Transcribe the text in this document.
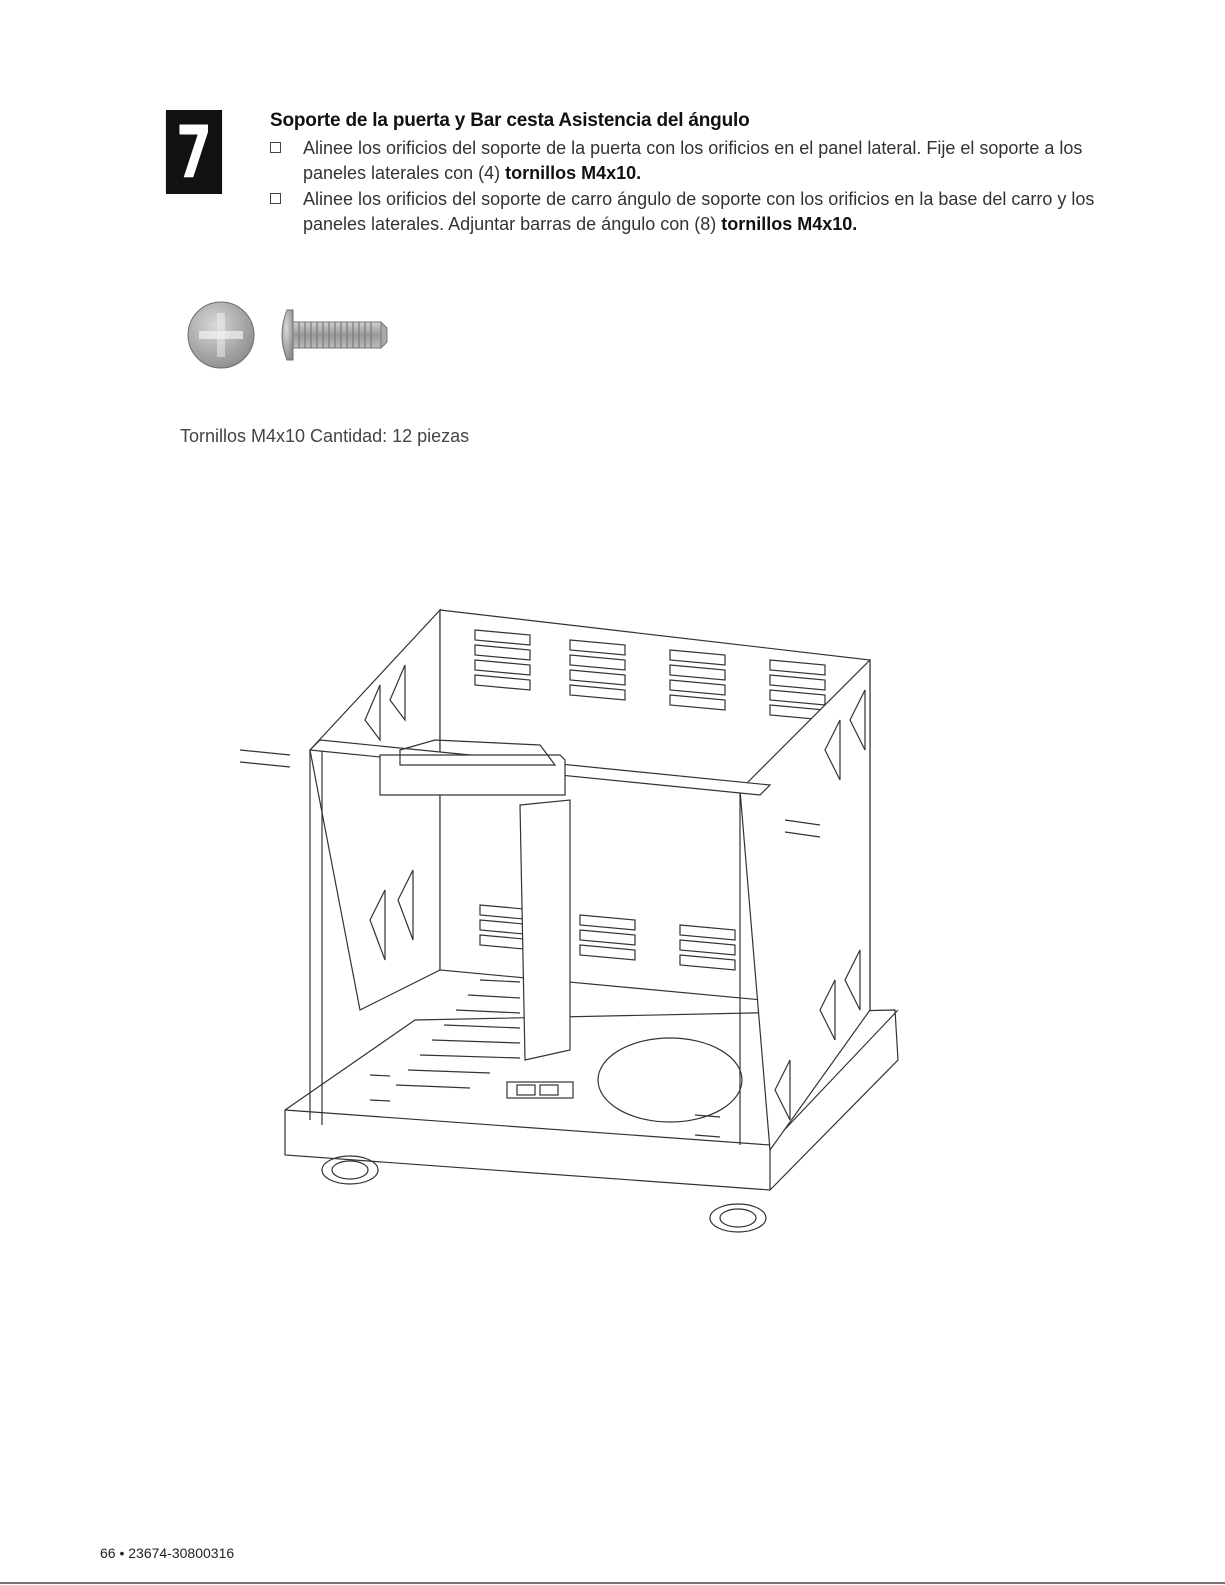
7	Soporte de la puerta y Bar cesta Asistencia del ángulo
Alinee los orificios del soporte de la puerta con los orificios en el panel lateral. Fije el soporte a los paneles laterales con (4) tornillos M4x10.
Alinee los orificios del soporte de carro ángulo de soporte con los orificios en la base del carro y los paneles laterales. Adjuntar barras de ángulo con (8) tornillos M4x10.
Tornillos M4x10 Cantidad: 12 piezas
66 • 23674-30800316
